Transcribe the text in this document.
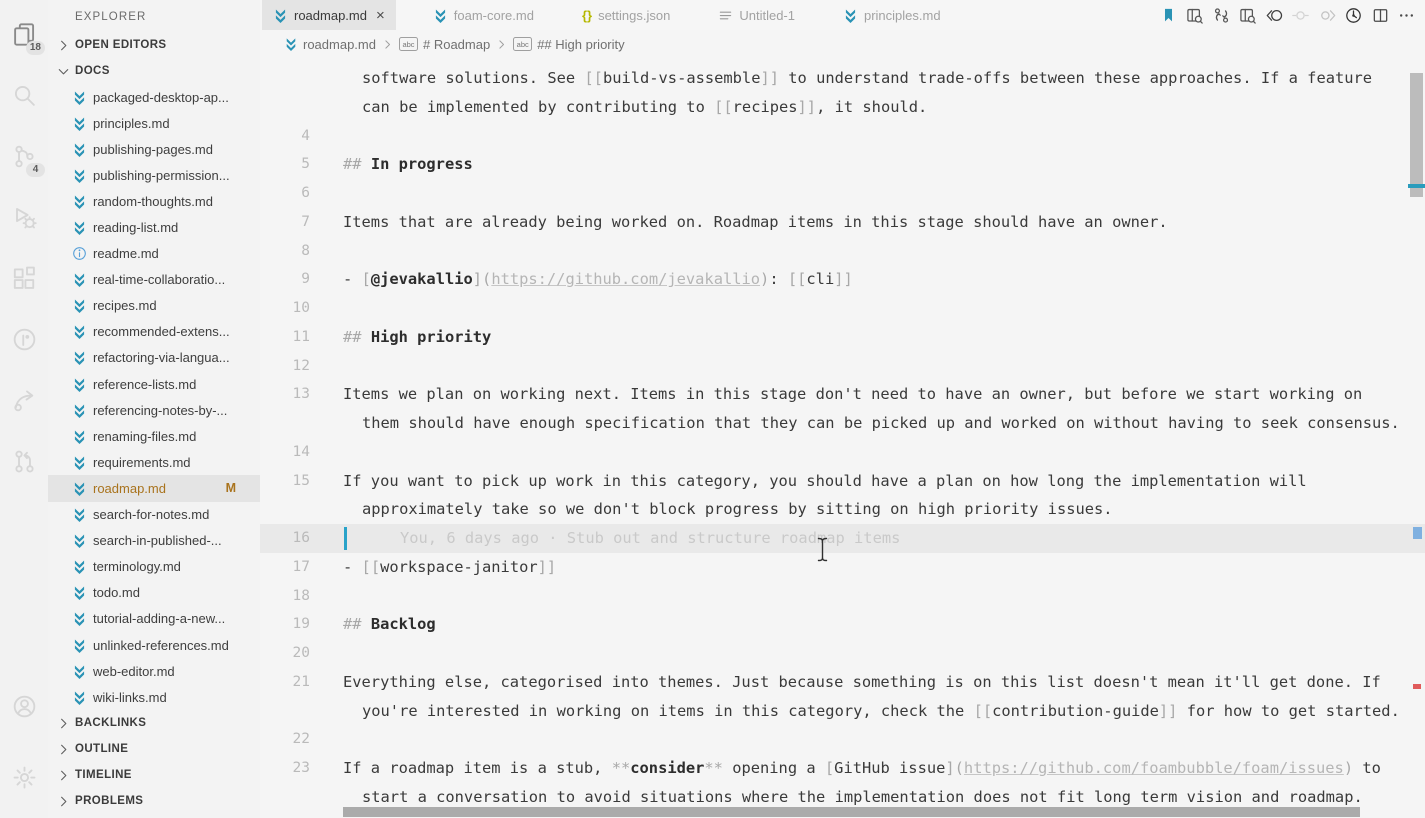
18
4
EXPLORER
OPEN EDITORS
DOCS
packaged-desktop-ap...
principles.md
publishing-pages.md
publishing-permission...
random-thoughts.md
reading-list.md
readme.md
real-time-collaboratio...
recipes.md
recommended-extens...
refactoring-via-langua...
reference-lists.md
referencing-notes-by-...
renaming-files.md
requirements.md
roadmap.md	M
search-for-notes.md
search-in-published-...
terminology.md
todo.md
tutorial-adding-a-new...
unlinked-references.md
web-editor.md
wiki-links.md
BACKLINKS
OUTLINE
TIMELINE
PROBLEMS
roadmap.md ×	foam-core.md	{} settings.json	Untitled-1	principles.md
roadmap.md	abc # Roadmap	abc ## High priority
software solutions. See [[build-vs-assemble]] to understand trade-offs between these approaches. If a feature
can be implemented by contributing to [[recipes]], it should.
4
5	## In progress
6
7	Items that are already being worked on. Roadmap items in this stage should have an owner.
8
9	- [@jevakallio](https://github.com/jevakallio): [[cli]]
10
11	## High priority
12
13	Items we plan on working next. Items in this stage don't need to have an owner, but before we start working on
them should have enough specification that they can be picked up and worked on without having to seek consensus.
14
15	If you want to pick up work in this category, you should have a plan on how long the implementation will
approximately take so we don't block progress by sitting on high priority issues.
16	You, 6 days ago · Stub out and structure roadmap items
17	- [[workspace-janitor]]
18
19	## Backlog
20
21	Everything else, categorised into themes. Just because something is on this list doesn't mean it'll get done. If
you're interested in working on items in this category, check the [[contribution-guide]] for how to get started.
22
23	If a roadmap item is a stub, **consider** opening a [GitHub issue](https://github.com/foambubble/foam/issues) to
start a conversation to avoid situations where the implementation does not fit long term vision and roadmap.
